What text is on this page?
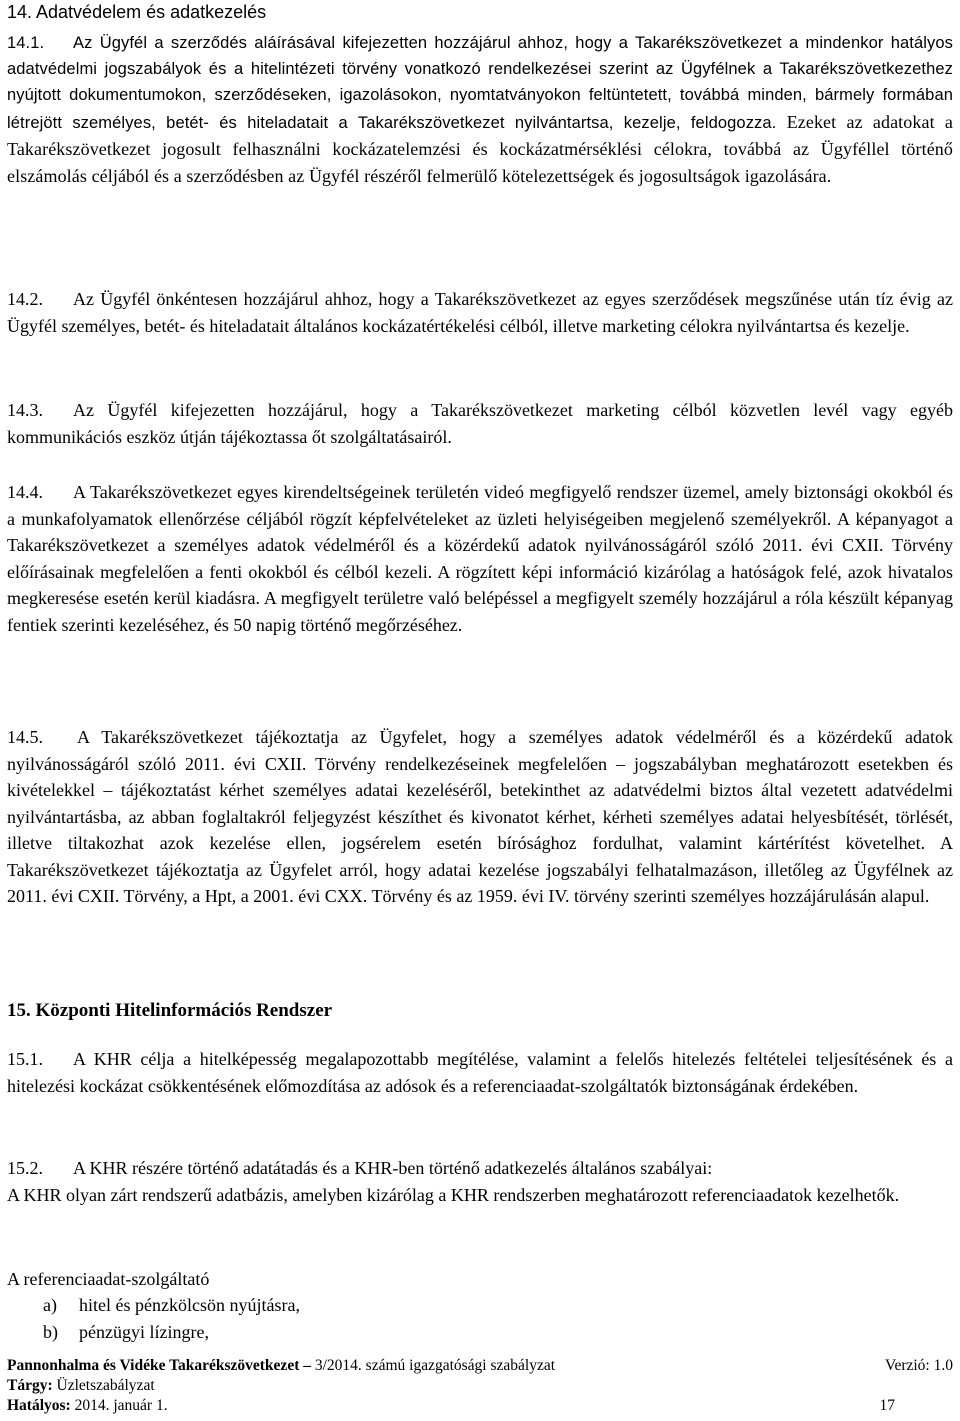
14. Adatvédelem és adatkezelés

14.1. Az Ügyfél a szerződés aláírásával kifejezetten hozzájárul ahhoz, hogy a Takarékszövetkezet a mindenkor hatályos adatvédelmi jogszabályok és a hitelintézeti törvény vonatkozó rendelkezései szerint az Ügyfélnek a Takarékszövetkezethez nyújtott dokumentumokon, szerződéseken, igazolásokon, nyomtatványokon feltüntetett, továbbá minden, bármely formában létrejött személyes, betét- és hiteladatait a Takarékszövetkezet nyilvántartsa, kezelje, feldogozza. Ezeket az adatokat a Takarékszövetkezet jogosult felhasználni kockázatelemzési és kockázatmérséklési célokra, továbbá az Ügyféllel történő elszámolás céljából és a szerződésben az Ügyfél részéről felmerülő kötelezettségek és jogosultságok igazolására.

14.2. Az Ügyfél önkéntesen hozzájárul ahhoz, hogy a Takarékszövetkezet az egyes szerződések megszűnése után tíz évig az Ügyfél személyes, betét- és hiteladatait általános kockázatértékelési célból, illetve marketing célokra nyilvántartsa és kezelje.

14.3. Az Ügyfél kifejezetten hozzájárul, hogy a Takarékszövetkezet marketing célból közvetlen levél vagy egyéb kommunikációs eszköz útján tájékoztassa őt szolgáltatásairól.

14.4. A Takarékszövetkezet egyes kirendeltségeinek területén videó megfigyelő rendszer üzemel, amely biztonsági okokból és a munkafolyamatok ellenőrzése céljából rögzít képfelvételeket az üzleti helyiségeiben megjelenő személyekről. A képanyagot a Takarékszövetkezet a személyes adatok védelméről és a közérdekű adatok nyilvánosságáról szóló 2011. évi CXII. Törvény előírásainak megfelelően a fenti okokból és célból kezeli. A rögzített képi információ kizárólag a hatóságok felé, azok hivatalos megkeresése esetén kerül kiadásra. A megfigyelt területre való belépéssel a megfigyelt személy hozzájárul a róla készült képanyag fentiek szerinti kezeléséhez, és 50 napig történő megőrzéséhez.

14.5. A Takarékszövetkezet tájékoztatja az Ügyfelet, hogy a személyes adatok védelméről és a közérdekű adatok nyilvánosságáról szóló 2011. évi CXII. Törvény rendelkezéseinek megfelelően – jogszabályban meghatározott esetekben és kivételekkel – tájékoztatást kérhet személyes adatai kezeléséről, betekinthet az adatvédelmi biztos által vezetett adatvédelmi nyilvántartásba, az abban foglaltakról feljegyzést készíthet és kivonatot kérhet, kérheti személyes adatai helyesbítését, törlését, illetve tiltakozhat azok kezelése ellen, jogsérelem esetén bírósághoz fordulhat, valamint kártérítést követelhet. A Takarékszövetkezet tájékoztatja az Ügyfelet arról, hogy adatai kezelése jogszabályi felhatalmazáson, illetőleg az Ügyfélnek az 2011. évi CXII. Törvény, a Hpt, a 2001. évi CXX. Törvény és az 1959. évi IV. törvény szerinti személyes hozzájárulásán alapul.

15. Központi Hitelinformációs Rendszer

15.1. A KHR célja a hitelképesség megalapozottabb megítélése, valamint a felelős hitelezés feltételei teljesítésének és a hitelezési kockázat csökkentésének előmozdítása az adósok és a referenciaadat-szolgáltatók biztonságának érdekében.

15.2. A KHR részére történő adatátadás és a KHR-ben történő adatkezelés általános szabályai:

A KHR olyan zárt rendszerű adatbázis, amelyben kizárólag a KHR rendszerben meghatározott referenciaadatok kezelhetők.

A referenciaadat-szolgáltató

a)	hitel és pénzkölcsön nyújtásra,
b)	pénzügyi lízingre,
Pannonhalma és Vidéke Takarékszövetkezet – 3/2014. számú igazgatósági szabályzat	Verzió: 1.0
Tárgy: Üzletszabályzat
Hatályos: 2014. január 1.	17
